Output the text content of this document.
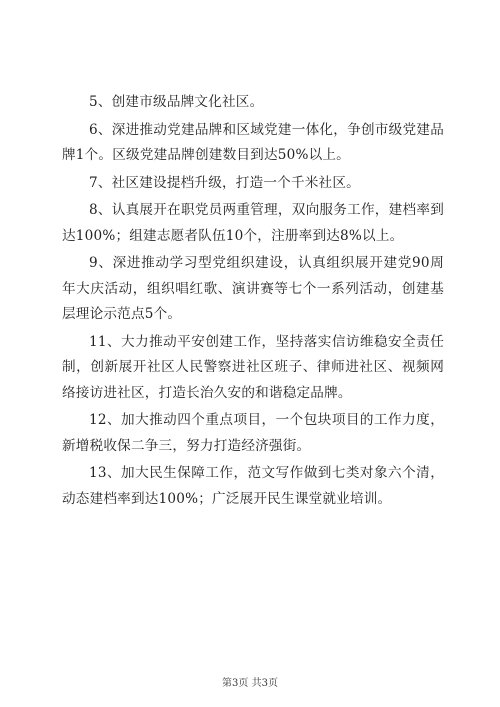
5、创建市级品牌文化社区。

6、深进推动党建品牌和区域党建一体化，争创市级党建品牌1个。区级党建品牌创建数目到达50%以上。

7、社区建设提档升级，打造一个千米社区。

8、认真展开在职党员两重管理，双向服务工作，建档率到达100%；组建志愿者队伍10个，注册率到达8%以上。

9、深进推动学习型党组织建设，认真组织展开建党90周年大庆活动，组织唱红歌、演讲赛等七个一系列活动，创建基层理论示范点5个。

11、大力推动平安创建工作，坚持落实信访维稳安全责任制，创新展开社区人民警察进社区班子、律师进社区、视频网络接访进社区，打造长治久安的和谐稳定品牌。

12、加大推动四个重点项目，一个包块项目的工作力度，新增税收保二争三，努力打造经济强街。

13、加大民生保障工作，范文写作做到七类对象六个清，动态建档率到达100%；广泛展开民生课堂就业培训。

第3页 共3页
